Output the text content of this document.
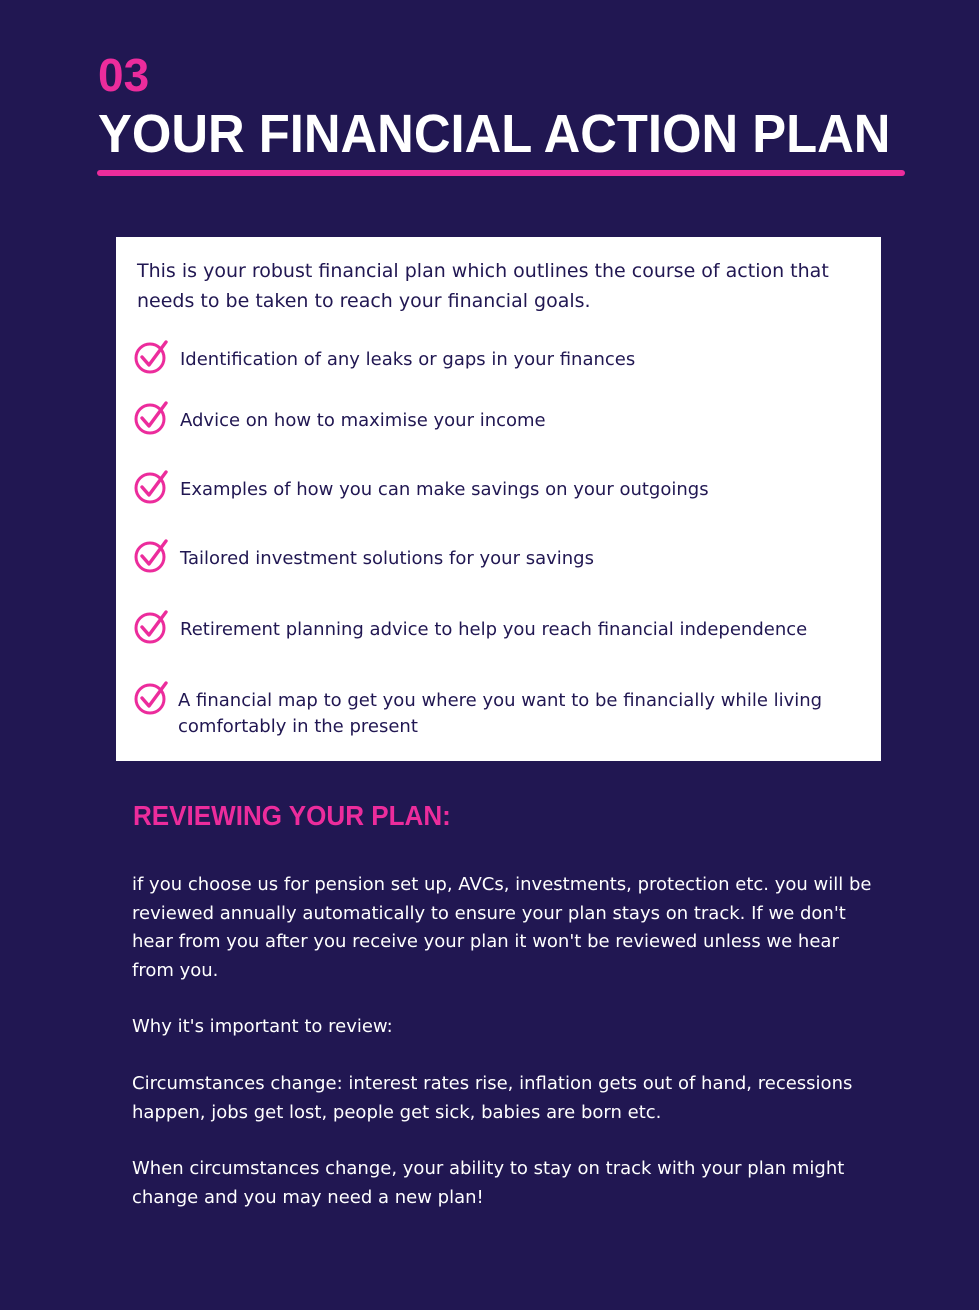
03
YOUR FINANCIAL ACTION PLAN

This is your robust financial plan which outlines the course of action that needs to be taken to reach your financial goals.

Identification of any leaks or gaps in your finances
Advice on how to maximise your income
Examples of how you can make savings on your outgoings
Tailored investment solutions for your savings
Retirement planning advice to help you reach financial independence
A financial map to get you where you want to be financially while living comfortably in the present
REVIEWING YOUR PLAN:

if you choose us for pension set up, AVCs, investments, protection etc. you will be reviewed annually automatically to ensure your plan stays on track. If we don't hear from you after you receive your plan it won't be reviewed unless we hear from you.

Why it's important to review:

Circumstances change: interest rates rise, inflation gets out of hand, recessions happen, jobs get lost, people get sick, babies are born etc.

When circumstances change, your ability to stay on track with your plan might change and you may need a new plan!
